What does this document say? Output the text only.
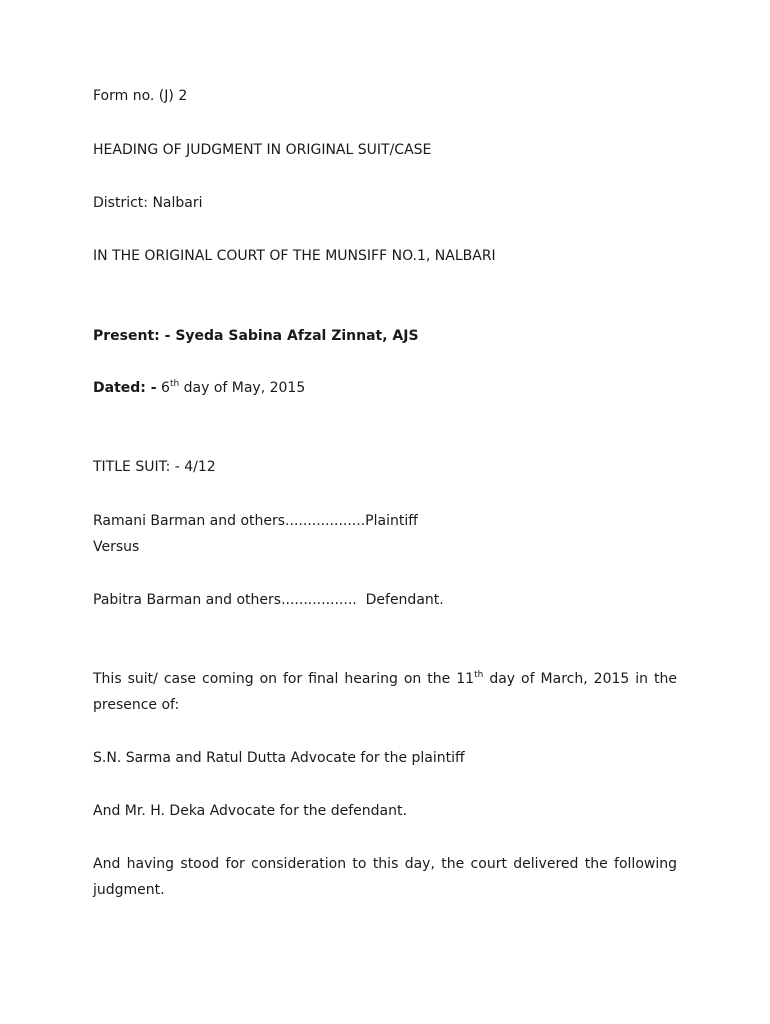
Form no. (J) 2
HEADING OF JUDGMENT IN ORIGINAL SUIT/CASE
District: Nalbari
IN THE ORIGINAL COURT OF THE MUNSIFF NO.1, NALBARI
Present: - Syeda Sabina Afzal Zinnat, AJS
Dated: - 6th day of May, 2015
TITLE SUIT: - 4/12
Ramani Barman and others..................Plaintiff
Versus
Pabitra Barman and others................. Defendant.
This suit/ case coming on for final hearing on the 11th day of March, 2015 in the
presence of:
S.N. Sarma and Ratul Dutta Advocate for the plaintiff
And Mr. H. Deka Advocate for the defendant.
And having stood for consideration to this day, the court delivered the following
judgment.
